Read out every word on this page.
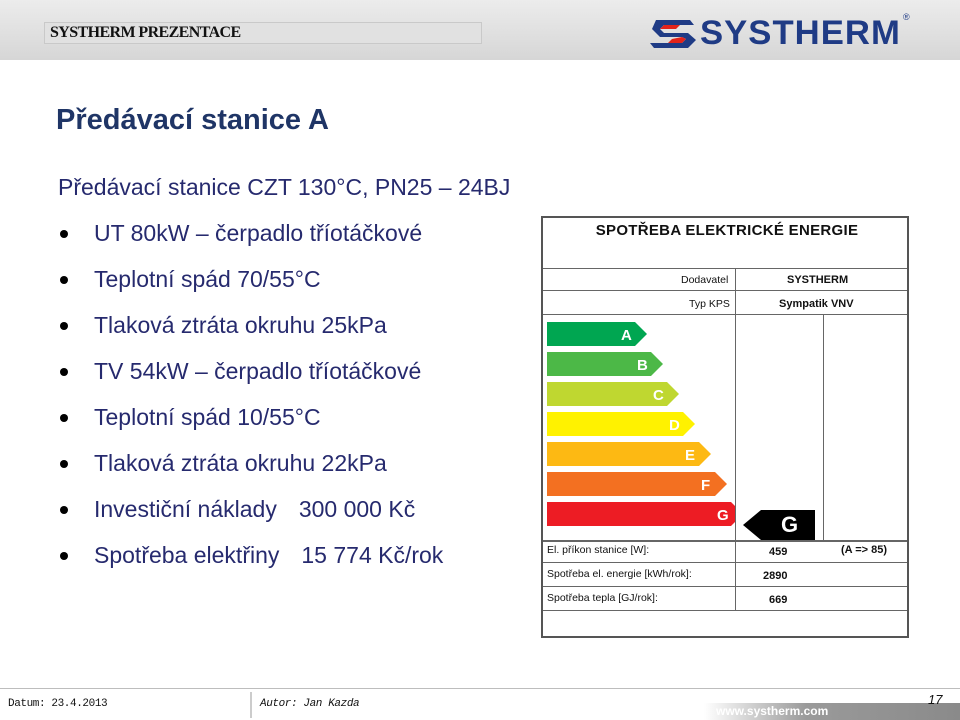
SYSTHERM PREZENTACE	SYSTHERM ®
Předávací stanice A
Předávací stanice CZT 130°C, PN25 – 24BJ
UT 80kW – čerpadlo tříotáčkové
Teplotní spád 70/55°C
Tlaková ztráta okruhu 25kPa
TV 54kW – čerpadlo tříotáčkové
Teplotní spád 10/55°C
Tlaková ztráta okruhu 22kPa
Investiční náklady 300 000 Kč
Spotřeba elektřiny 15 774 Kč/rok
SPOTŘEBA ELEKTRICKÉ ENERGIE
Dodavatel	SYSTHERM
Typ KPS	Sympatik VNV
A
B
C
D
E
F
G G
El. příkon stanice [W]:	459	(A => 85)
Spotřeba el. energie [kWh/rok]:	2890
Spotřeba tepla [GJ/rok]:	669
Datum: 23.4.2013	Autor: Jan Kazda	www.systherm.com
17
